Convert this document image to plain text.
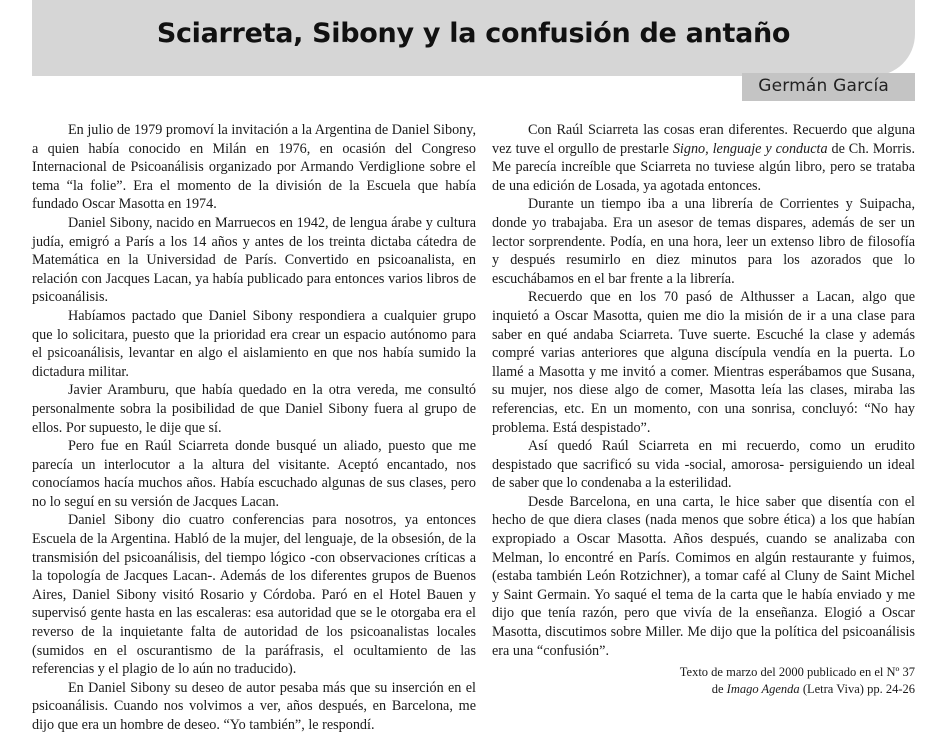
Sciarreta, Sibony y la confusión de antaño
Germán García

En julio de 1979 promoví la invitación a la Argentina de Daniel Sibony, a quien había conocido en Milán en 1976, en ocasión del Congreso Internacional de Psicoanálisis organizado por Armando Verdiglione sobre el tema “la folie”. Era el momento de la división de la Escuela que había fundado Oscar Masotta en 1974.

Daniel Sibony, nacido en Marruecos en 1942, de lengua árabe y cultura judía, emigró a París a los 14 años y antes de los treinta dictaba cátedra de Matemática en la Universidad de París. Convertido en psicoanalista, en relación con Jacques Lacan, ya había publicado para entonces varios libros de psicoanálisis.

Habíamos pactado que Daniel Sibony respondiera a cualquier grupo que lo solicitara, puesto que la prioridad era crear un espacio autónomo para el psicoanálisis, levantar en algo el aislamiento en que nos había sumido la dictadura militar.

Javier Aramburu, que había quedado en la otra vereda, me consultó personalmente sobra la posibilidad de que Daniel Sibony fuera al grupo de ellos. Por supuesto, le dije que sí.

Pero fue en Raúl Sciarreta donde busqué un aliado, puesto que me parecía un interlocutor a la altura del visitante. Aceptó encantado, nos conocíamos hacía muchos años. Había escuchado algunas de sus clases, pero no lo seguí en su versión de Jacques Lacan.

Daniel Sibony dio cuatro conferencias para nosotros, ya entonces Escuela de la Argentina. Habló de la mujer, del lenguaje, de la obsesión, de la transmisión del psicoanálisis, del tiempo lógico -con observaciones críticas a la topología de Jacques Lacan-. Además de los diferentes grupos de Buenos Aires, Daniel Sibony visitó Rosario y Córdoba. Paró en el Hotel Bauen y supervisó gente hasta en las escaleras: esa autoridad que se le otorgaba era el reverso de la inquietante falta de autoridad de los psicoanalistas locales (sumidos en el oscurantismo de la paráfrasis, el ocultamiento de las referencias y el plagio de lo aún no traducido).

En Daniel Sibony su deseo de autor pesaba más que su inserción en el psicoanálisis. Cuando nos volvimos a ver, años después, en Barcelona, me dijo que era un hombre de deseo. “Yo también”, le respondí.

Con Raúl Sciarreta las cosas eran diferentes. Recuerdo que alguna vez tuve el orgullo de prestarle Signo, lenguaje y conducta de Ch. Morris. Me parecía increíble que Sciarreta no tuviese algún libro, pero se trataba de una edición de Losada, ya agotada entonces.

Durante un tiempo iba a una librería de Corrientes y Suipacha, donde yo trabajaba. Era un asesor de temas dispares, además de ser un lector sorprendente. Podía, en una hora, leer un extenso libro de filosofía y después resumirlo en diez minutos para los azorados que lo escuchábamos en el bar frente a la librería.

Recuerdo que en los 70 pasó de Althusser a Lacan, algo que inquietó a Oscar Masotta, quien me dio la misión de ir a una clase para saber en qué andaba Sciarreta. Tuve suerte. Escuché la clase y además compré varias anteriores que alguna discípula vendía en la puerta. Lo llamé a Masotta y me invitó a comer. Mientras esperábamos que Susana, su mujer, nos diese algo de comer, Masotta leía las clases, miraba las referencias, etc. En un momento, con una sonrisa, concluyó: “No hay problema. Está despistado”.

Así quedó Raúl Sciarreta en mi recuerdo, como un erudito despistado que sacrificó su vida -social, amorosa- persiguiendo un ideal de saber que lo condenaba a la esterilidad.

Desde Barcelona, en una carta, le hice saber que disentía con el hecho de que diera clases (nada menos que sobre ética) a los que habían expropiado a Oscar Masotta. Años después, cuando se analizaba con Melman, lo encontré en París. Comimos en algún restaurante y fuimos, (estaba también León Rotzichner), a tomar café al Cluny de Saint Michel y Saint Germain. Yo saqué el tema de la carta que le había enviado y me dijo que tenía razón, pero que vivía de la enseñanza. Elogió a Oscar Masotta, discutimos sobre Miller. Me dijo que la política del psicoanálisis era una “confusión”.

Texto de marzo del 2000 publicado en el Nº 37

de Imago Agenda (Letra Viva) pp. 24-26
